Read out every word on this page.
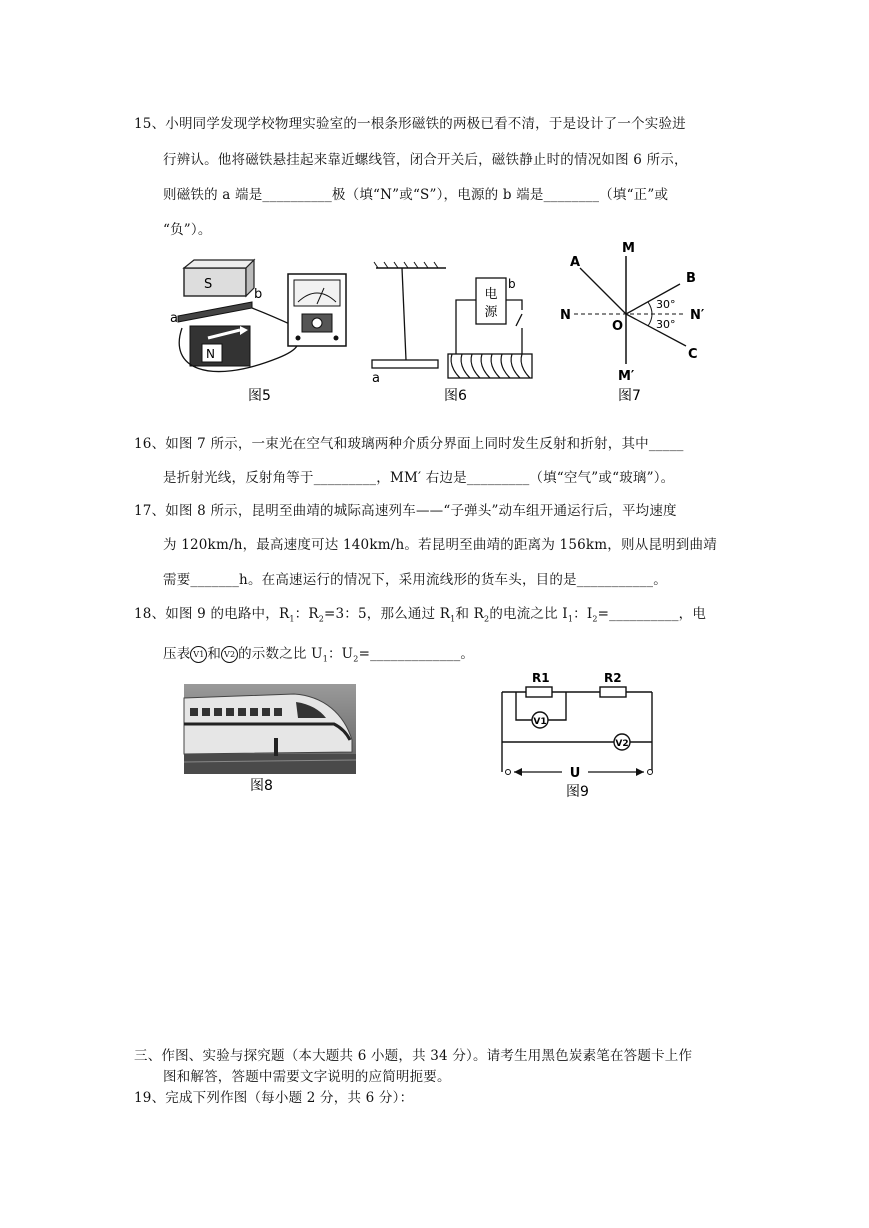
15、小明同学发现学校物理实验室的一根条形磁铁的两极已看不清，于是设计了一个实验进
行辨认。他将磁铁悬挂起来靠近螺线管，闭合开关后，磁铁静止时的情况如图 6 所示，
则磁铁的 a 端是__________极（填“N”或“S”），电源的 b 端是________（填“正”或
“负”）。
S
a
b
N
图5
a
电
源
b
图6
M
M′
N	N′
O
A
B
C
30°
30°
图7
16、如图 7 所示，一束光在空气和玻璃两种介质分界面上同时发生反射和折射，其中_____
是折射光线，反射角等于_________，MM′ 右边是_________（填“空气”或“玻璃”）。
17、如图 8 所示，昆明至曲靖的城际高速列车——“子弹头”动车组开通运行后，平均速度
为 120km/h，最高速度可达 140km/h。若昆明至曲靖的距离为 156km，则从昆明到曲靖
需要_______h。在高速运行的情况下，采用流线形的货车头，目的是___________。
18、如图 9 的电路中，$R_1$：$R_2=3$：5，那么通过 $R_1$和 $R_2$的电流之比 $I_1$：$I_2=\_\_\_\_\_\_\_\_\_\_$，电
压表 V1 和 V2 的示数之比 $U_1$：$U_2=\_\_\_\_\_\_\_\_\_\_\_\_\_$。
图8
R1	R2
V1
V2
U
图9
三、作图、实验与探究题（本大题共 6 小题，共 34 分）。请考生用黑色炭素笔在答题卡上作
图和解答，答题中需要文字说明的应简明扼要。
19、完成下列作图（每小题 2 分，共 6 分）：
